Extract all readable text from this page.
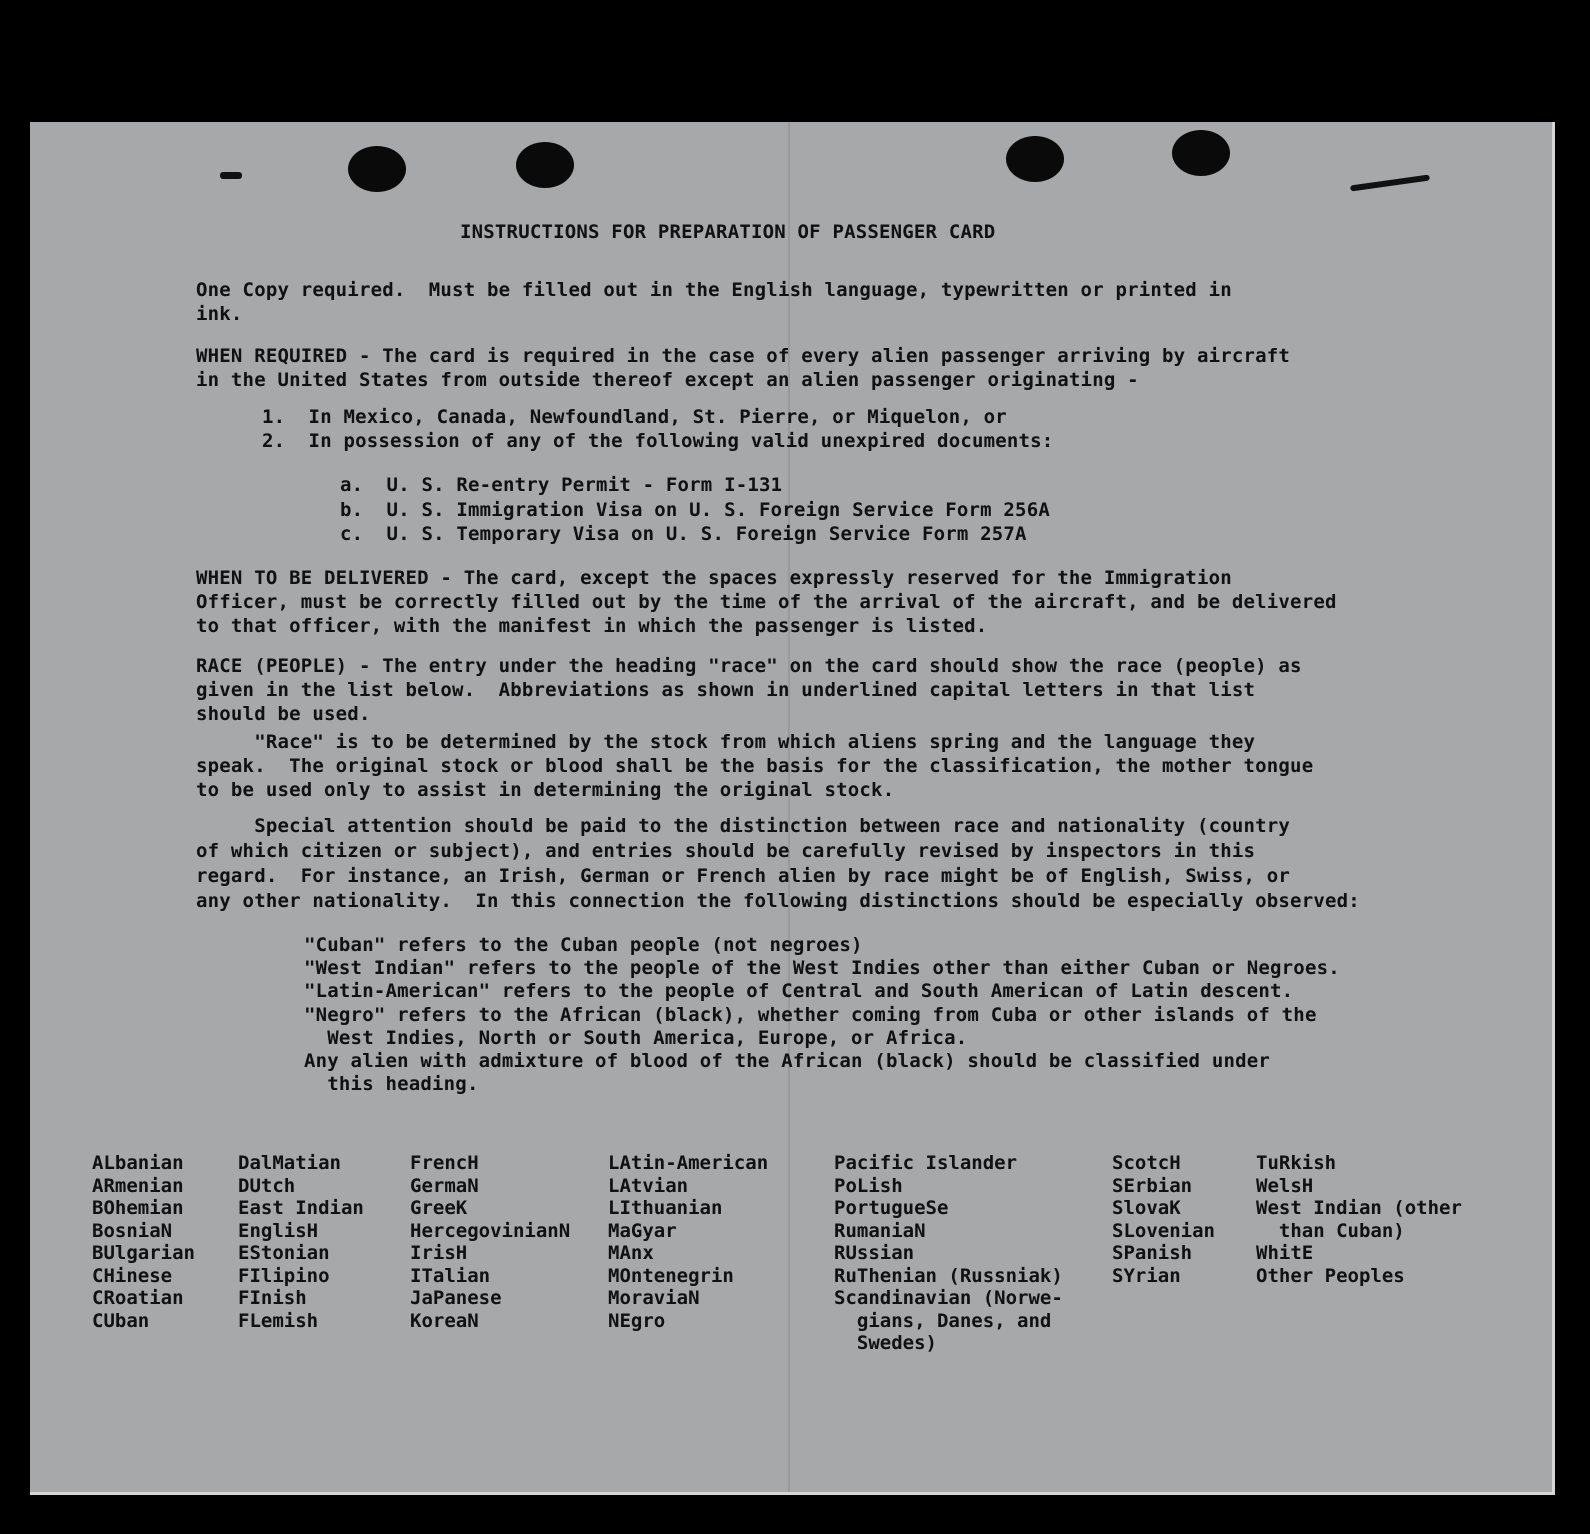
INSTRUCTIONS FOR PREPARATION OF PASSENGER CARD
One Copy required.  Must be filled out in the English language, typewritten or printed in
ink.
WHEN REQUIRED - The card is required in the case of every alien passenger arriving by aircraft
in the United States from outside thereof except an alien passenger originating -
1.  In Mexico, Canada, Newfoundland, St. Pierre, or Miquelon, or
2.  In possession of any of the following valid unexpired documents:
a.  U. S. Re-entry Permit - Form I-131
b.  U. S. Immigration Visa on U. S. Foreign Service Form 256A
c.  U. S. Temporary Visa on U. S. Foreign Service Form 257A
WHEN TO BE DELIVERED - The card, except the spaces expressly reserved for the Immigration
Officer, must be correctly filled out by the time of the arrival of the aircraft, and be delivered
to that officer, with the manifest in which the passenger is listed.
RACE (PEOPLE) - The entry under the heading "race" on the card should show the race (people) as
given in the list below.  Abbreviations as shown in underlined capital letters in that list
should be used.
"Race" is to be determined by the stock from which aliens spring and the language they
speak.  The original stock or blood shall be the basis for the classification, the mother tongue
to be used only to assist in determining the original stock.
Special attention should be paid to the distinction between race and nationality (country
of which citizen or subject), and entries should be carefully revised by inspectors in this
regard.  For instance, an Irish, German or French alien by race might be of English, Swiss, or
any other nationality.  In this connection the following distinctions should be especially observed:
"Cuban" refers to the Cuban people (not negroes)
"West Indian" refers to the people of the West Indies other than either Cuban or Negroes.
"Latin-American" refers to the people of Central and South American of Latin descent.
"Negro" refers to the African (black), whether coming from Cuba or other islands of the
West Indies, North or South America, Europe, or Africa.
Any alien with admixture of blood of the African (black) should be classified under
this heading.
ALbanian
ARmenian
BOhemian
BosniaN
BUlgarian
CHinese
CRoatian
CUban
DalMatian
DUtch
East Indian
EnglisH
EStonian
FIlipino
FInish
FLemish
FrencH
GermaN
GreeK
HercegovinianN
IrisH
ITalian
JaPanese
KoreaN
LAtin-American
LAtvian
LIthuanian
MaGyar
MAnx
MOntenegrin
MoraviaN
NEgro
Pacific Islander
PoLish
PortugueSe
RumaniaN
RUssian
RuThenian (Russniak)
Scandinavian (Norwe-
gians, Danes, and
Swedes)
ScotcH
SErbian
SlovaK
SLovenian
SPanish
SYrian
TuRkish
WelsH
West Indian (other
than Cuban)
WhitE
Other Peoples
